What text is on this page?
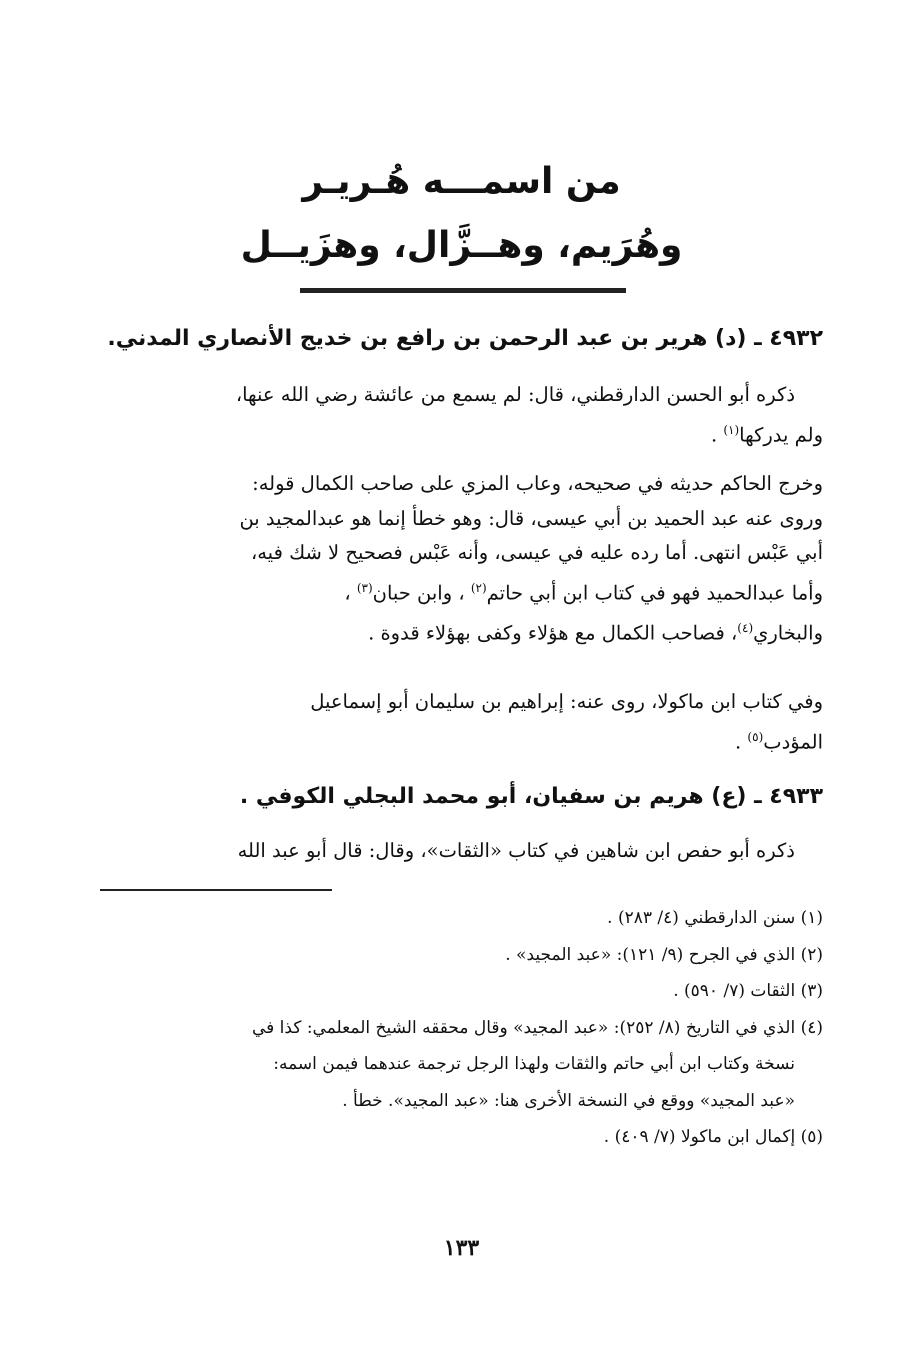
من اسمـــه هُـريـر
وهُرَيم، وهــزَّال، وهزَيــل
٤٩٣٢ ـ (د) هرير بن عبد الرحمن بن رافع بن خديج الأنصاري المدني.

ذكره أبو الحسن الدارقطني، قال: لم يسمع من عائشة رضي الله عنها،

ولم يدركها$^{(١)}$ .

وخرج الحاكم حديثه في صحيحه، وعاب المزي على صاحب الكمال قوله:

وروى عنه عبد الحميد بن أبي عيسى، قال: وهو خطأ إنما هو عبدالمجيد بن

أبي عَبْس انتهى. أما رده عليه في عيسى، وأنه عَبْس فصحيح لا شك فيه،

وأما عبدالحميد فهو في كتاب ابن أبي حاتم$^{(٢)}$ ، وابن حبان$^{(٣)}$ ،

والبخاري$^{(٤)}$، فصاحب الكمال مع هؤلاء وكفى بهؤلاء قدوة .

وفي كتاب ابن ماكولا، روى عنه: إبراهيم بن سليمان أبو إسماعيل

المؤدب$^{(٥)}$ .

٤٩٣٣ ـ (ع) هريم بن سفيان، أبو محمد البجلي الكوفي .

ذكره أبو حفص ابن شاهين في كتاب «الثقات»، وقال: قال أبو عبد الله

(١) سنن الدارقطني (٤/ ٢٨٣) .

(٢) الذي في الجرح (٩/ ١٢١): «عبد المجيد» .

(٣) الثقات (٧/ ٥٩٠) .

(٤) الذي في التاريخ (٨/ ٢٥٢): «عبد المجيد» وقال محققه الشيخ المعلمي: كذا في

نسخة وكتاب ابن أبي حاتم والثقات ولهذا الرجل ترجمة عندهما فيمن اسمه:

«عبد المجيد» ووقع في النسخة الأخرى هنا: «عبد المجيد». خطأ .

(٥) إكمال ابن ماكولا (٧/ ٤٠٩) .

١٣٣
